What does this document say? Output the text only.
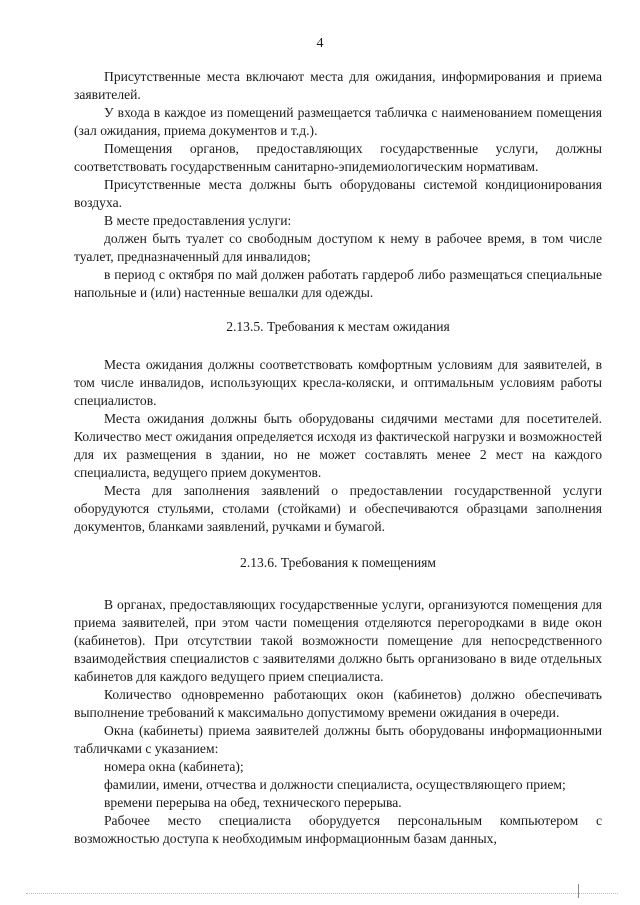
4

Присутственные места включают места для ожидания, информирования и приема заявителей.

У входа в каждое из помещений размещается табличка с наименованием помещения (зал ожидания, приема документов и т.д.).

Помещения органов, предоставляющих государственные услуги, должны соответствовать государственным санитарно-эпидемиологическим нормативам.

Присутственные места должны быть оборудованы системой кондиционирования воздуха.

В месте предоставления услуги:

должен быть туалет со свободным доступом к нему в рабочее время, в том числе туалет, предназначенный для инвалидов;

в период с октября по май должен работать гардероб либо размещаться специальные напольные и (или) настенные вешалки для одежды.

2.13.5. Требования к местам ожидания

Места ожидания должны соответствовать комфортным условиям для заявителей, в том числе инвалидов, использующих кресла-коляски, и оптимальным условиям работы специалистов.

Места ожидания должны быть оборудованы сидячими местами для посетителей. Количество мест ожидания определяется исходя из фактической нагрузки и возможностей для их размещения в здании, но не может составлять менее 2 мест на каждого специалиста, ведущего прием документов.

Места для заполнения заявлений о предоставлении государственной услуги оборудуются стульями, столами (стойками) и обеспечиваются образцами заполнения документов, бланками заявлений, ручками и бумагой.

2.13.6. Требования к помещениям

В органах, предоставляющих государственные услуги, организуются помещения для приема заявителей, при этом части помещения отделяются перегородками в виде окон (кабинетов). При отсутствии такой возможности помещение для непосредственного взаимодействия специалистов с заявителями должно быть организовано в виде отдельных кабинетов для каждого ведущего прием специалиста.

Количество одновременно работающих окон (кабинетов) должно обеспечивать выполнение требований к максимально допустимому времени ожидания в очереди.

Окна (кабинеты) приема заявителей должны быть оборудованы информационными табличками с указанием:

номера окна (кабинета);

фамилии, имени, отчества и должности специалиста, осуществляющего прием;

времени перерыва на обед, технического перерыва.

Рабочее место специалиста оборудуется персональным компьютером с возможностью доступа к необходимым информационным базам данных,
